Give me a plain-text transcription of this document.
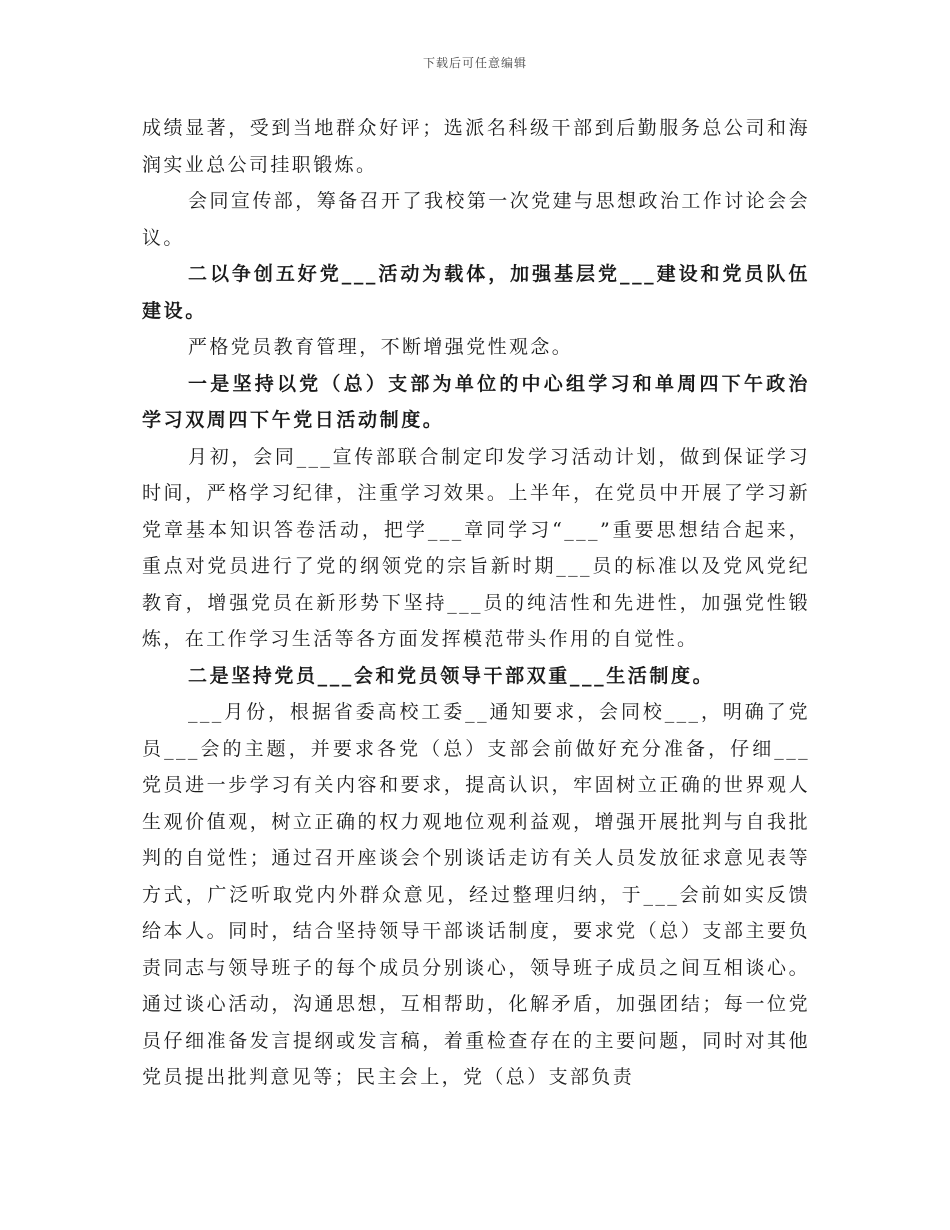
下载后可任意编辑

成绩显著，受到当地群众好评；选派名科级干部到后勤服务总公司和海润实业总公司挂职锻炼。

会同宣传部，筹备召开了我校第一次党建与思想政治工作讨论会会议。

二以争创五好党___活动为载体，加强基层党___建设和党员队伍建设。

严格党员教育管理，不断增强党性观念。

一是坚持以党（总）支部为单位的中心组学习和单周四下午政治学习双周四下午党日活动制度。

月初，会同___宣传部联合制定印发学习活动计划，做到保证学习时间，严格学习纪律，注重学习效果。上半年，在党员中开展了学习新党章基本知识答卷活动，把学___章同学习“___”重要思想结合起来，重点对党员进行了党的纲领党的宗旨新时期___员的标准以及党风党纪教育，增强党员在新形势下坚持___员的纯洁性和先进性，加强党性锻炼，在工作学习生活等各方面发挥模范带头作用的自觉性。

二是坚持党员___会和党员领导干部双重___生活制度。

___月份，根据省委高校工委__通知要求，会同校___，明确了党员___会的主题，并要求各党（总）支部会前做好充分准备，仔细___党员进一步学习有关内容和要求，提高认识，牢固树立正确的世界观人生观价值观，树立正确的权力观地位观利益观，增强开展批判与自我批判的自觉性；通过召开座谈会个别谈话走访有关人员发放征求意见表等方式，广泛听取党内外群众意见，经过整理归纳，于___会前如实反馈给本人。同时，结合坚持领导干部谈话制度，要求党（总）支部主要负责同志与领导班子的每个成员分别谈心，领导班子成员之间互相谈心。通过谈心活动，沟通思想，互相帮助，化解矛盾，加强团结；每一位党员仔细准备发言提纲或发言稿，着重检查存在的主要问题，同时对其他党员提出批判意见等；民主会上，党（总）支部负责
